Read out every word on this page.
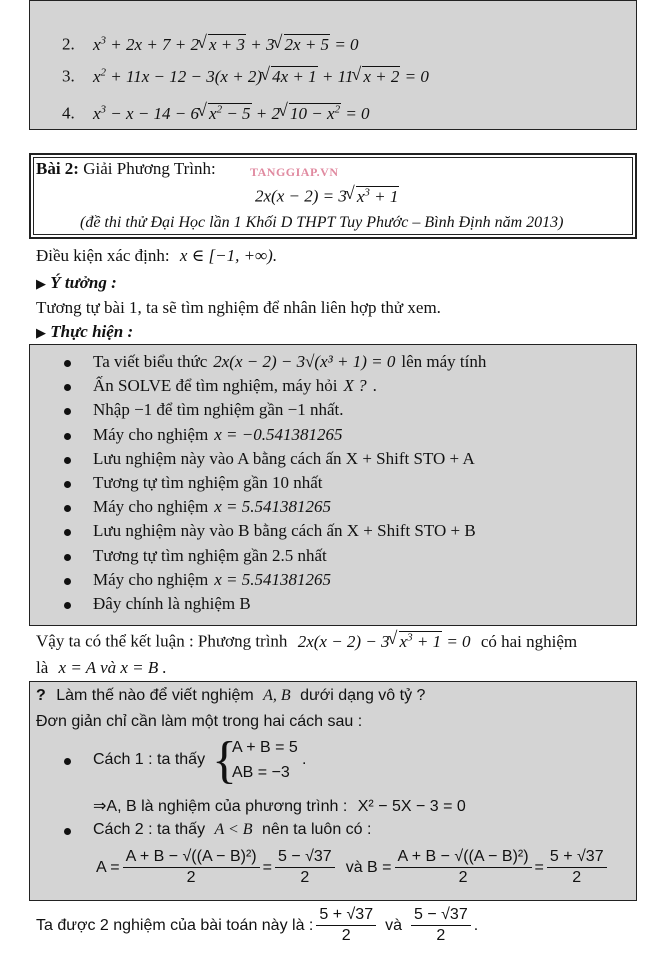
2. $x^3 + 2x + 7 + 2√$ x + 3 + 3√ 2x + 5 = 0
3. $x^2 + 11x - 12 - 3(x + 2)√$ 4x + 1 + 11√ x + 2 = 0
4. $x^3 - x - 14 - 6√$ $x^2 - 5 + 2√$ $10 - x^2 = 0$
Bài 2: Giải Phương Trình:	TANGGIAP.VN
2x(x − 2) = 3√ $x^3 + 1$
(đề thi thử Đại Học lần 1 Khối D THPT Tuy Phước – Bình Định năm 2013)
Điều kiện xác định: x ∈ [−1, +∞).
▶ Ý tưởng :
Tương tự bài 1, ta sẽ tìm nghiệm để nhân liên hợp thử xem.
▶ Thực hiện :
Ta viết biểu thức 2x(x − 2) − 3√(x³ + 1) = 0 lên máy tính
Ấn SOLVE để tìm nghiệm, máy hỏi X ? .
Nhập −1 để tìm nghiệm gần −1 nhất.
Máy cho nghiệm x = −0.541381265
Lưu nghiệm này vào A bằng cách ấn X + Shift STO + A
Tương tự tìm nghiệm gần 10 nhất
Máy cho nghiệm x = 5.541381265
Lưu nghiệm này vào B bằng cách ấn X + Shift STO + B
Tương tự tìm nghiệm gần 2.5 nhất
Máy cho nghiệm x = 5.541381265
Đây chính là nghiệm B
Vậy ta có thể kết luận : Phương trình 2x(x − 2) − 3√ $x^3 + 1 = 0$ có hai nghiệm
là x = A và x = B .
? Làm thế nào để viết nghiệm A, B dưới dạng vô tỷ ?
Đơn giản chỉ cần làm một trong hai cách sau :
Cách 1 : ta thấy {
A + B = 5
AB = −3
.
⇒A, B là nghiệm của phương trình : X² − 5X − 3 = 0
Cách 2 : ta thấy A < B nên ta luôn có :
$A = \frac{\text{A + B − √((A − B)²)}}{2} = \frac{5 - √37}{2}$ và $B = \frac{\text{A + B − √((A − B)²)}}{2} = \frac{5 + √37}{2}$
Ta được 2 nghiệm của bài toán này là : $\frac{5 + √37}{2}$ và $\frac{5 - √37}{2}$ .
